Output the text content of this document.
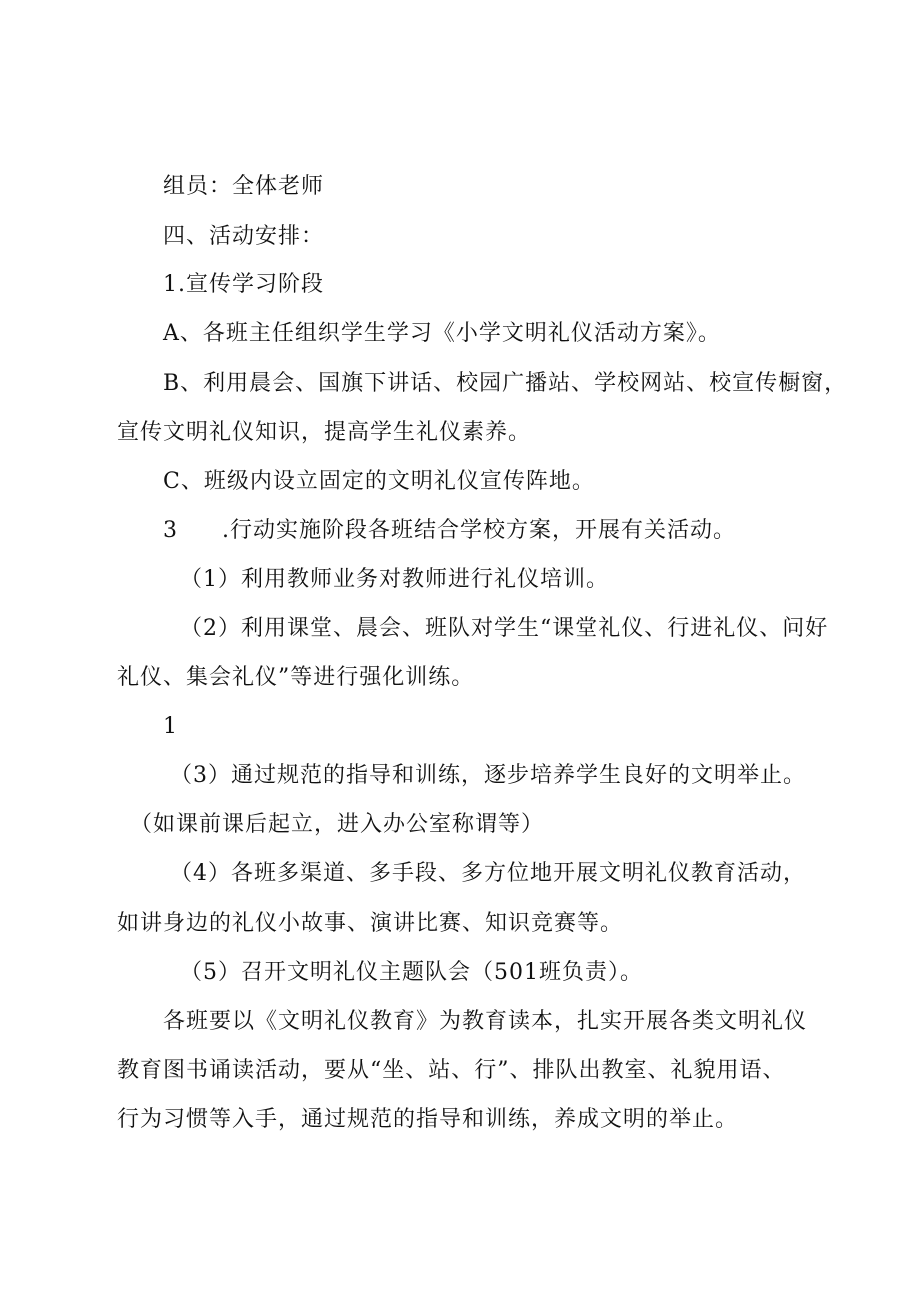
组员：全体老师
四、活动安排：
1.宣传学习阶段
A、各班主任组织学生学习《小学文明礼仪活动方案》。
B、利用晨会、国旗下讲话、校园广播站、学校网站、校宣传橱窗，
宣传文明礼仪知识，提高学生礼仪素养。
C、班级内设立固定的文明礼仪宣传阵地。
3 .行动实施阶段各班结合学校方案，开展有关活动。
（1）利用教师业务对教师进行礼仪培训。
（2）利用课堂、晨会、班队对学生“课堂礼仪、行进礼仪、问好
礼仪、集会礼仪”等进行强化训练。
1
（3）通过规范的指导和训练，逐步培养学生良好的文明举止。
（如课前课后起立，进入办公室称谓等）
（4）各班多渠道、多手段、多方位地开展文明礼仪教育活动，
如讲身边的礼仪小故事、演讲比赛、知识竞赛等。
（5）召开文明礼仪主题队会（501班负责）。
各班要以《文明礼仪教育》为教育读本，扎实开展各类文明礼仪
教育图书诵读活动，要从“坐、站、行”、排队出教室、礼貌用语、
行为习惯等入手，通过规范的指导和训练，养成文明的举止。
